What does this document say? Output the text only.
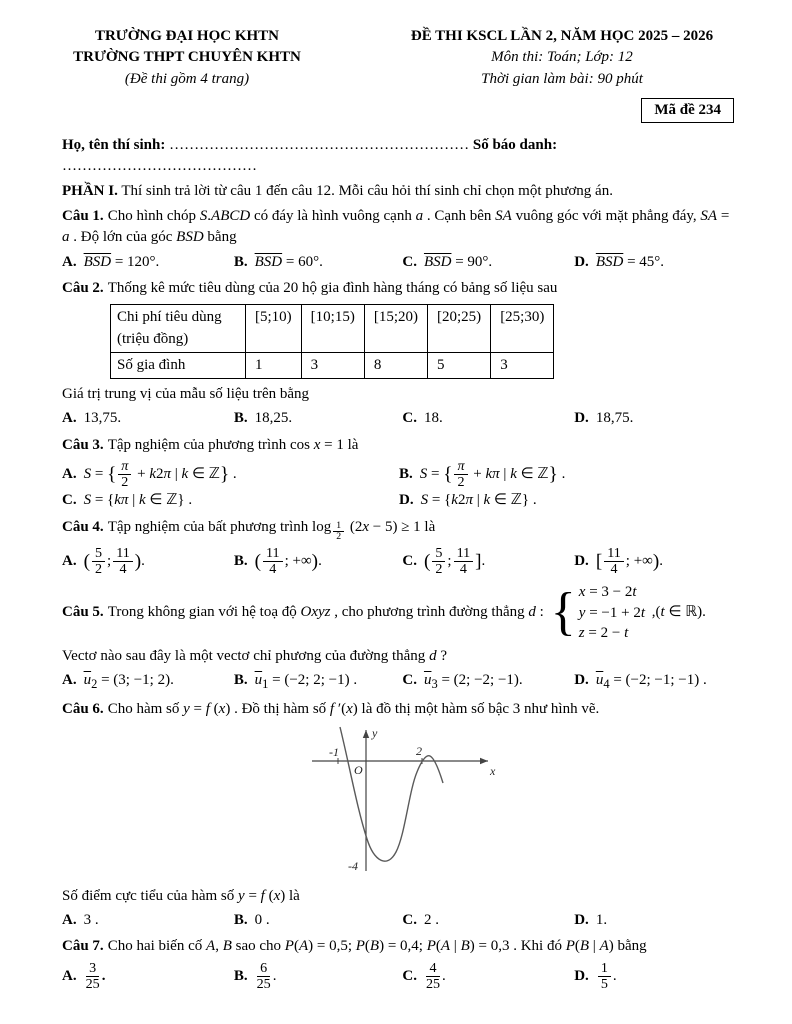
TRƯỜNG ĐẠI HỌC KHTN
TRƯỜNG THPT CHUYÊN KHTN
(Đề thi gồm 4 trang)
ĐỀ THI KSCL LẦN 2, NĂM HỌC 2025 – 2026
Môn thi: Toán; Lớp: 12
Thời gian làm bài: 90 phút
Mã đề 234

Họ, tên thí sinh: …………………………………………………… Số báo danh: …………………………………

PHẦN I. Thí sinh trả lời từ câu 1 đến câu 12. Mỗi câu hỏi thí sinh chỉ chọn một phương án.

Câu 1. Cho hình chóp S.ABCD có đáy là hình vuông cạnh a . Cạnh bên SA vuông góc với mặt phẳng đáy, SA = a . Độ lớn của góc BSD bằng

A. $\overline{BSD} = 120^\circ$.	B. $\overline{BSD} = 60^\circ$.	C. $\overline{BSD} = 90^\circ$.	D. $\overline{BSD} = 45^\circ$.

Câu 2. Thống kê mức tiêu dùng của 20 hộ gia đình hàng tháng có bảng số liệu sau

Chi phí tiêu dùng (triệu đồng)	[5;10)	[10;15)	[15;20)	[20;25)	[25;30)
Số gia đình	1	3	8	5	3

Giá trị trung vị của mẫu số liệu trên bằng

A. 13,75.	B. 18,25.	C. 18.	D. 18,75.

Câu 3. Tập nghiệm của phương trình cos x = 1 là

A. S = { $\frac{\pi}{2} + k2\pi$ | k ∈ ℤ} .	B. S = { $\frac{\pi}{2} + k\pi$ | k ∈ ℤ} .
C. S = {kπ | k ∈ ℤ} .	D. S = {k2π | k ∈ ℤ} .

Câu 4. Tập nghiệm của bất phương trình log $_{\frac{1}{2}}$ (2x − 5) ≥ 1 là

A. ( $\frac{5}{2}$ ; $\frac{11}{4}$ ).	B. ( $\frac{11}{4}$ ; +∞).	C. ( $\frac{5}{2}$ ; $\frac{11}{4}$ ].	D. [ $\frac{11}{4}$ ; +∞).

Câu 5. Trong không gian với hệ toạ độ Oxyz , cho phương trình đường thẳng d : { x = 3 − 2t
y = −1 + 2t
z = 2 − t
,(t ∈ ℝ).

Vectơ nào sau đây là một vectơ chỉ phương của đường thẳng d ?

A. $\overline{u}_2 = (3$; −1; 2).	B. $\overline{u}_1 = (-2$; 2; −1) .	C. $\overline{u}_3 = (2$; −2; −1).	D. $\overline{u}_4 = (-2$; −1; −1) .

Câu 6. Cho hàm số y = f (x) . Đồ thị hàm số f ′(x) là đồ thị một hàm số bậc 3 như hình vẽ.

y
x
O
-1	2
-4

Số điểm cực tiểu của hàm số y = f (x) là

A. 3 .	B. 0 .	C. 2 .	D. 1.

Câu 7. Cho hai biến cố A, B sao cho P(A) = 0,5; P(B) = 0,4; P(A | B) = 0,3 . Khi đó P(B | A) bằng

A. $\frac{3}{25}$ .	B. $\frac{6}{25}$ .	C. $\frac{4}{25}$ .	D. $\frac{1}{5}$ .
